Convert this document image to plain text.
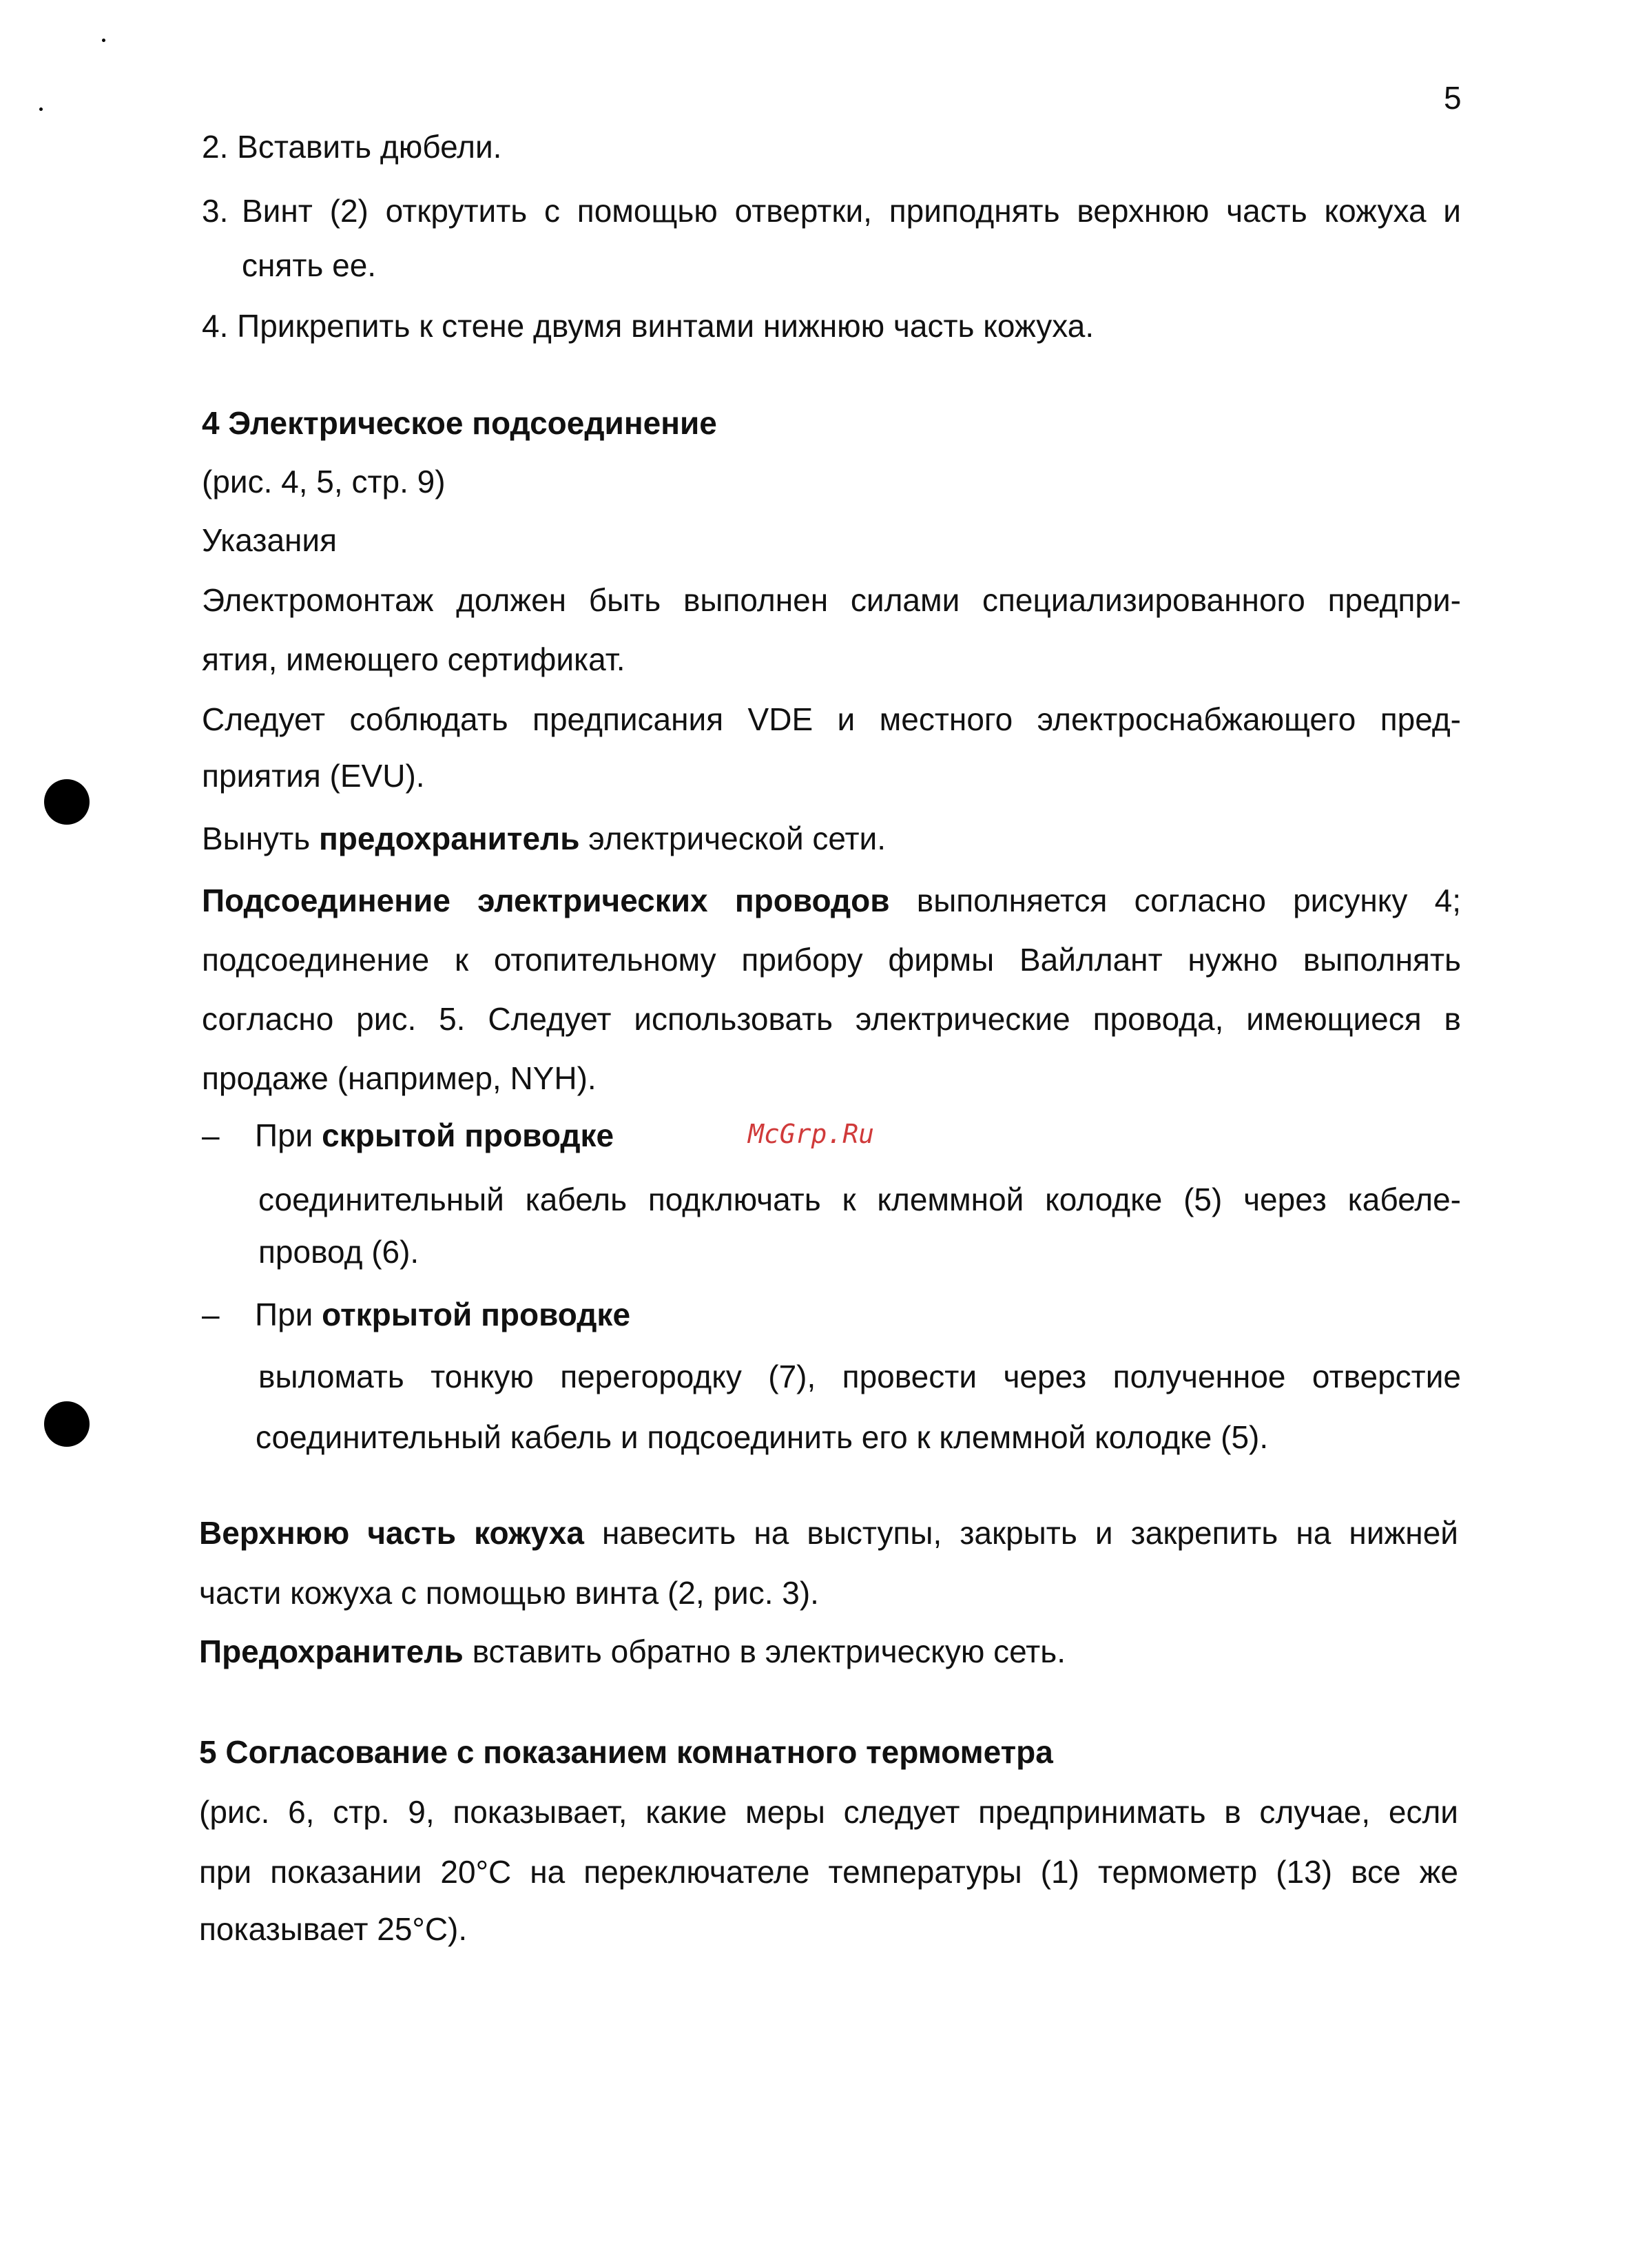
5
2. Вставить дюбели.
3. Винт (2) открутить с помощью отвертки, приподнять верхнюю часть кожуха и
снять ее.
4. Прикрепить к стене двумя винтами нижнюю часть кожуха.
4 Электрическое подсоединение
(рис. 4, 5, стр. 9)
Указания
Электромонтаж должен быть выполнен силами специализированного предпри-
ятия, имеющего сертификат.
Следует соблюдать предписания VDE и местного электроснабжающего пред-
приятия (EVU).
Вынуть предохранитель электрической сети.
Подсоединение электрических проводов выполняется согласно рисунку 4;
подсоединение к отопительному прибору фирмы Вайллант нужно выполнять
согласно рис. 5. Следует использовать электрические провода, имеющиеся в
продаже (например, NYH).
– При скрытой проводке	McGrp.Ru
соединительный кабель подключать к клеммной колодке (5) через кабеле-
провод (6).
– При открытой проводке
выломать тонкую перегородку (7), провести через полученное отверстие
соединительный кабель и подсоединить его к клеммной колодке (5).
Верхнюю часть кожуха навесить на выступы, закрыть и закрепить на нижней
части кожуха с помощью винта (2, рис. 3).
Предохранитель вставить обратно в электрическую сеть.
5 Согласование с показанием комнатного термометра
(рис. 6, стр. 9, показывает, какие меры следует предпринимать в случае, если
при показании 20°C на переключателе температуры (1) термометр (13) все же
показывает 25°C).
